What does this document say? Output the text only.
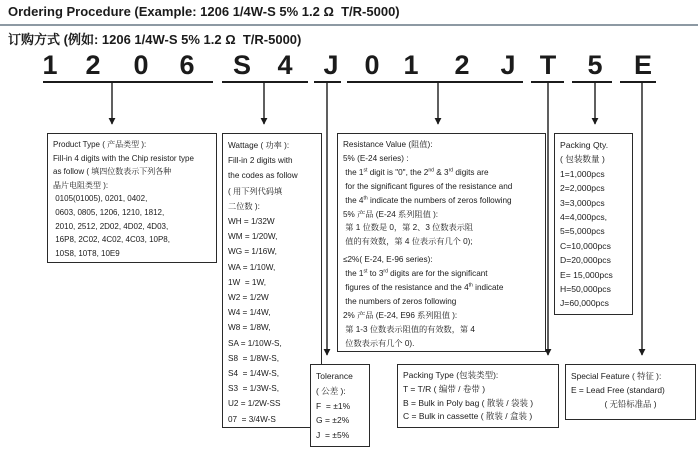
Ordering Procedure (Example: 1206 1/4W-S 5% 1.2 Ω  T/R-5000)
订购方式 (例如: 1206 1/4W-S 5% 1.2 Ω  T/R-5000)
1 2 0 6 S 4 J 0 1 2 J T 5 E
Product Type ( 产品类型 ):
Fill-in 4 digits with the Chip resistor type
as follow ( 填四位数表示下列各种
晶片电阻类型 ):
0105(01005), 0201, 0402,
0603, 0805, 1206, 1210, 1812,
2010, 2512, 2D02, 4D02, 4D03,
16P8, 2C02, 4C02, 4C03, 10P8,
10S8, 10T8, 10E9
Wattage ( 功率 ):
Fill-in 2 digits with
the codes as follow
( 用下列代码填
二位数 ):
WH = 1/32W
WM = 1/20W,
WG = 1/16W,
WA = 1/10W,
1W  = 1W,
W2 = 1/2W
W4 = 1/4W,
W8 = 1/8W,
SA = 1/10W-S,
S8  = 1/8W-S,
S4  = 1/4W-S,
S3  = 1/3W-S,
U2 = 1/2W-SS
07  = 3/4W-S
Resistance Value (阻值):
5% (E-24 series) :
the 1st digit is "0", the 2nd & 3rd digits are
for the significant figures of the resistance and
the 4th indicate the numbers of zeros following
5% 产品 (E-24 系列阻值 ):
第 1 位数是 0，第 2、3 位数表示阻
值的有效数，第 4 位表示有几个 0);
≤2%( E-24, E-96 series):
the 1st to 3rd digits are for the significant
figures of the resistance and the 4th indicate
the numbers of zeros following
2% 产品 (E-24, E96 系列阻值 ):
第 1-3 位数表示阻值的有效数，第 4
位数表示有几个 0).
Packing Qty.
( 包装数量 )
1=1,000pcs
2=2,000pcs
3=3,000pcs
4=4,000pcs,
5=5,000pcs
C=10,000pcs
D=20,000pcs
E= 15,000pcs
H=50,000pcs
J=60,000pcs
Tolerance
( 公差 ):
F  = ±1%
G = ±2%
J  = ±5%
Packing Type (包装类型):
T = T/R ( 编带 / 卷带 )
B = Bulk in Poly bag ( 散装 / 袋装 )
C = Bulk in cassette ( 散装 / 盒装 )
Special Feature ( 特征 ):
E = Lead Free (standard)
( 无铅标准品 )
